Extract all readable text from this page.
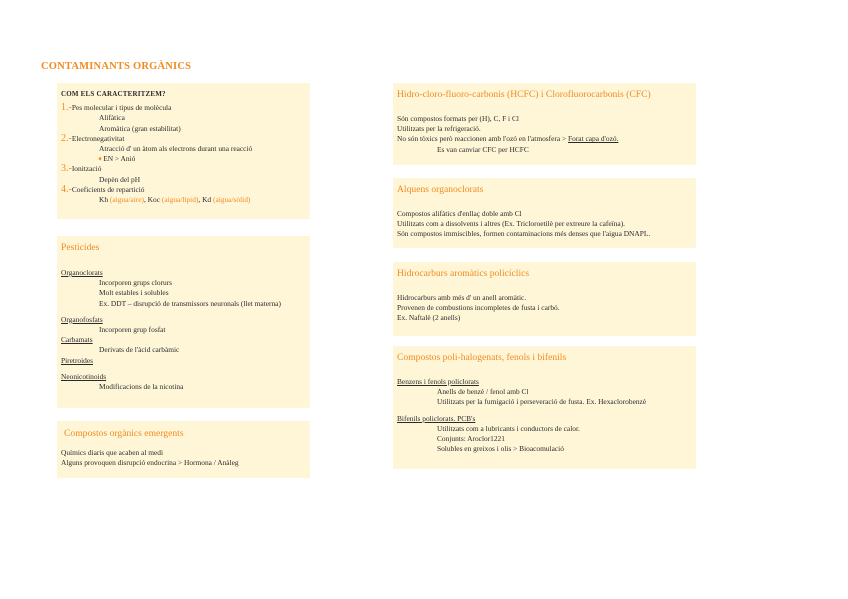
CONTAMINANTS ORGÀNICS
COM ELS CARACTERITZEM?
1.-Pes molecular i tipus de molècula
Alifàtica
Aromàtica (gran estabilitat)
2.-Electronegativitat
Atracció d' un àtom als electrons durant una reacció
➧EN > Anió
3.-Ionització
Depèn del pH
4.-Coeficients de repartició
Kh (aigua/aire), Koc (aigua/lípid), Kd (aigua/sòlid)
Pesticides
Organoclorats
Incorporen grups clorurs
Molt estables i solubles
Ex. DDT – disrupció de transmissors neuronals (llet materna)
Organofosfats
Incorporen grup fosfat
Carbamats
Derivats de l'àcid carbàmic
Piretroides
Neonicotinoids
Modificacions de la nicotina
Compostos orgànics emergents
Químics diaris que acaben al medi
Alguns provoquen disrupció endocrina > Hormona / Anàleg
Hidro-cloro-fluoro-carbonis (HCFC) i Clorofluorocarbonis (CFC)
Són compostos formats per (H), C, F i Cl
Utilitzats per la refrigeració.
No són tòxics però reaccionen amb l'ozó en l'atmosfera > Forat capa d'ozó.
Es van canviar CFC per HCFC
Alquens organoclorats
Compostos alifàtics d'enllaç doble amb Cl
Utilitzats com a dissolvents i altres (Ex. Tricloroetilè per extreure la cafeïna).
Són compostos immiscibles, formen contaminacions més denses que l'aigua DNAPL.
Hidrocarburs aromàtics policíclics
Hidrocarburs amb més d' un anell aromàtic.
Provenen de combustions incompletes de fusta i carbó.
Ex. Naftalè (2 anells)
Compostos poli-halogenats, fenols i bifenils
Benzens i fenols policlorats
Anells de benzè / fenol amb Cl
Utilitzats per la fumigació i perseveració de fusta. Ex. Hexaclorobenzè
Bifenils policlorats. PCB's
Utilitzats com a lubricants i conductors de calor.
Conjunts: Aroclor1221
Solubles en greixos i olis > Bioacomulació
